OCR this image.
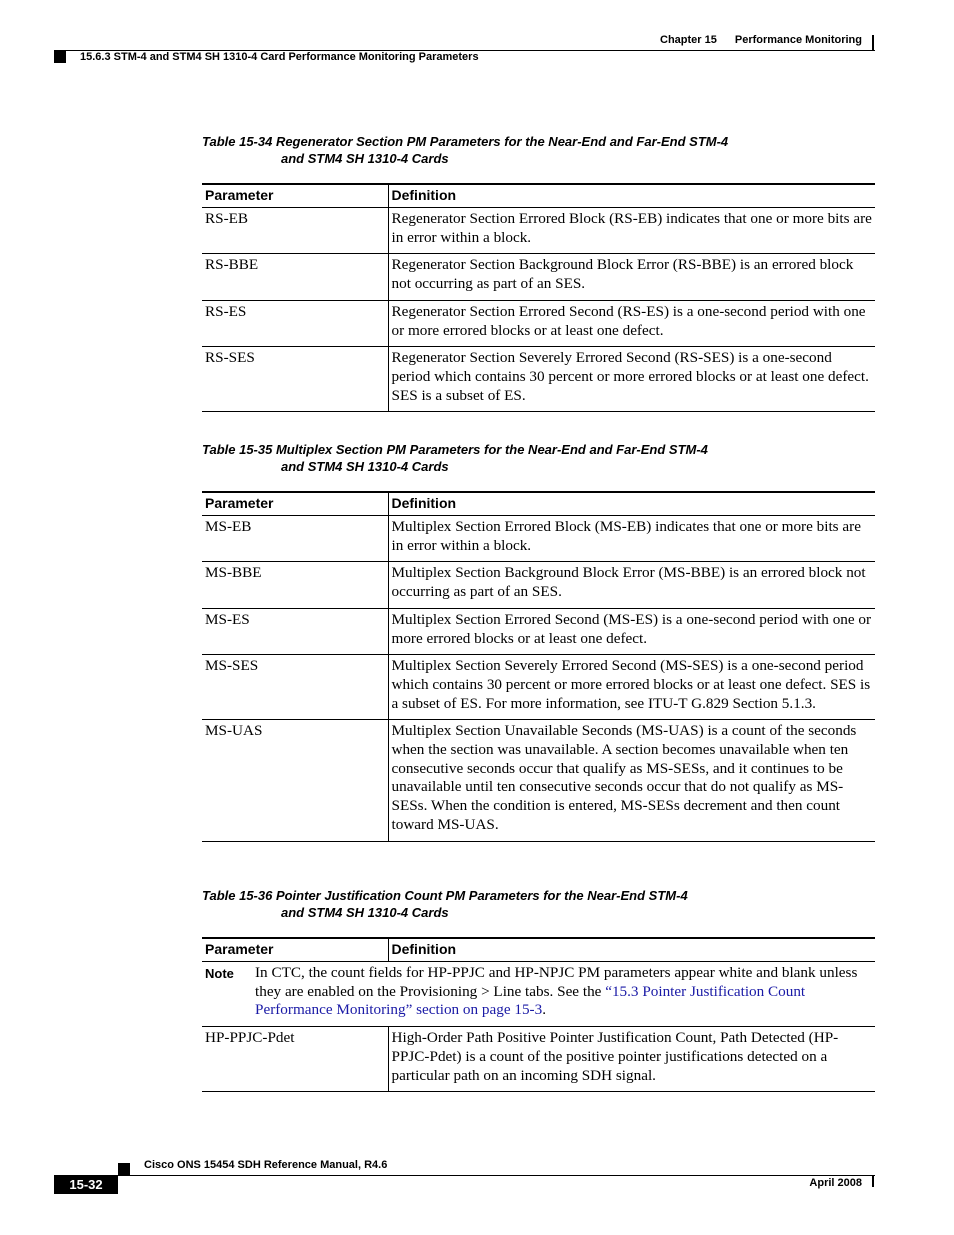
Chapter 15 Performance Monitoring
15.6.3 STM-4 and STM4 SH 1310-4 Card Performance Monitoring Parameters
Table 15-34 Regenerator Section PM Parameters for the Near-End and Far-End STM-4
and STM4 SH 1310-4 Cards
Parameter	Definition
RS-EB	Regenerator Section Errored Block (RS-EB) indicates that one or more bits are in error within a block.
RS-BBE	Regenerator Section Background Block Error (RS-BBE) is an errored block not occurring as part of an SES.
RS-ES	Regenerator Section Errored Second (RS-ES) is a one-second period with one or more errored blocks or at least one defect.
RS-SES	Regenerator Section Severely Errored Second (RS-SES) is a one-second period which contains 30 percent or more errored blocks or at least one defect. SES is a subset of ES.
Table 15-35 Multiplex Section PM Parameters for the Near-End and Far-End STM-4
and STM4 SH 1310-4 Cards
Parameter	Definition
MS-EB	Multiplex Section Errored Block (MS-EB) indicates that one or more bits are in error within a block.
MS-BBE	Multiplex Section Background Block Error (MS-BBE) is an errored block not occurring as part of an SES.
MS-ES	Multiplex Section Errored Second (MS-ES) is a one-second period with one or more errored blocks or at least one defect.
MS-SES	Multiplex Section Severely Errored Second (MS-SES) is a one-second period which contains 30 percent or more errored blocks or at least one defect. SES is a subset of ES. For more information, see ITU-T G.829 Section 5.1.3.
MS-UAS	Multiplex Section Unavailable Seconds (MS-UAS) is a count of the seconds when the section was unavailable. A section becomes unavailable when ten consecutive seconds occur that qualify as MS-SESs, and it continues to be unavailable until ten consecutive seconds occur that do not qualify as MS-SESs. When the condition is entered, MS-SESs decrement and then count toward MS-UAS.
Table 15-36 Pointer Justification Count PM Parameters for the Near-End STM-4
and STM4 SH 1310-4 Cards
Parameter	Definition
Note In CTC, the count fields for HP-PPJC and HP-NPJC PM parameters appear white and blank unless they are enabled on the Provisioning > Line tabs. See the “15.3 Pointer Justification Count Performance Monitoring” section on page 15-3.	
HP-PPJC-Pdet	High-Order Path Positive Pointer Justification Count, Path Detected (HP-PPJC-Pdet) is a count of the positive pointer justifications detected on a particular path on an incoming SDH signal.
Cisco ONS 15454 SDH Reference Manual, R4.6
15-32	April 2008
